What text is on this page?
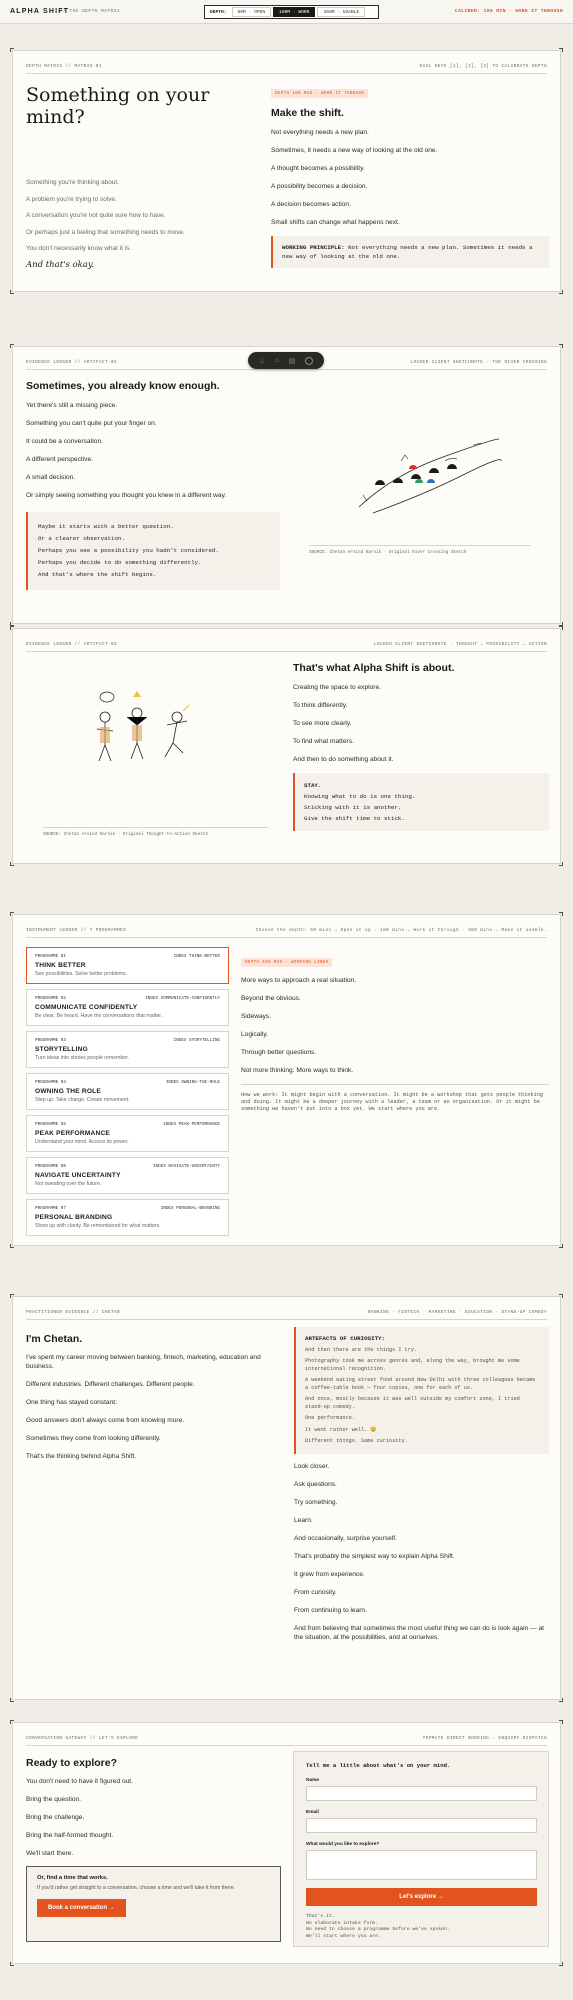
ALPHA SHIFT
// THE DEPTH MATRIX	DEPTH:	60M · OPEN	180M · WORK	360M · USABLE	CALIBER: 180 MIN · WORK IT THROUGH
DEPTH MATRIX // MATRIX-01	DIAL KEYS [1], [2], [3] TO CALIBRATE DEPTH
Something on your mind?
Something you're thinking about.
A problem you're trying to solve.
A conversation you're not quite sure how to have.
Or perhaps just a feeling that something needs to move.
You don't necessarily know what it is.
And that's okay.
DEPTH 180 MIN · WORK IT THROUGH
Make the shift.
Not everything needs a new plan.
Sometimes, it needs a new way of looking at the old one.
A thought becomes a possibility.
A possibility becomes a decision.
A decision becomes action.
Small shifts can change what happens next.
WORKING PRINCIPLE: Not everything needs a new plan. Sometimes it needs a new way of looking at the old one.
EVIDENCE LEDGER // ARTIFACT-01	LOCKED CLIENT SKETCHNOTE · THE RIVER CROSSING
Sometimes, you already know enough.
Yet there's still a missing piece.
Something you can't quite put your finger on.
It could be a conversation.
A different perspective.
A small decision.
Or simply seeing something you thought you knew in a different way.
Maybe it starts with a better question.
Or a clearer observation.
Perhaps you see a possibility you hadn't considered.
Perhaps you decide to do something differently.
And that's where the shift begins.
SOURCE: Chetan Arvind Karnik · Original River Crossing Sketch
EVIDENCE LEDGER // ARTIFACT-02	LOCKED CLIENT SKETCHNOTE · THOUGHT → POSSIBILITY → ACTION
SOURCE: Chetan Arvind Karnik · Original Thought-to-Action Sketch
That's what Alpha Shift is about.
Creating the space to explore.
To think differently.
To see more clearly.
To find what matters.
And then to do something about it.
STAY.
Knowing what to do is one thing.
Sticking with it is another.
Give the shift time to stick.
♨ ⌂ ▤
INSTRUMENT LEDGER // 7 PROGRAMMES	Choose the depth: 60 mins → Open it up · 180 mins → Work it through · 360 mins → Make it usable.
PROGRAMME 01	INDEX THINK-BETTER
THINK BETTER
See possibilities. Solve better problems.
PROGRAMME 02	INDEX COMMUNICATE-CONFIDENTLY
COMMUNICATE CONFIDENTLY
Be clear. Be heard. Have the conversations that matter.
PROGRAMME 03	INDEX STORYTELLING
STORYTELLING
Turn ideas into stories people remember.
PROGRAMME 04	INDEX OWNING-THE-ROLE
OWNING THE ROLE
Step up. Take charge. Create movement.
PROGRAMME 05	INDEX PEAK-PERFORMANCE
PEAK PERFORMANCE
Understand your mind. Access its power.
PROGRAMME 06	INDEX NAVIGATE-UNCERTAINTY
NAVIGATE UNCERTAINTY
Not sweating over the future.
PROGRAMME 07	INDEX PERSONAL-BRANDING
PERSONAL BRANDING
Show up with clarity. Be remembered for what matters.
DEPTH 180 MIN · WORKING LINES
More ways to approach a real situation.
Beyond the obvious.
Sideways.
Logically.
Through better questions.
Not more thinking. More ways to think.
How we work: It might begin with a conversation. It might be a workshop that gets people thinking and doing. It might be a deeper journey with a leader, a team or an organisation. Or it might be something we haven't put into a box yet. We start where you are.
PRACTITIONER EVIDENCE // CHETAN	BANKING · FINTECH · MARKETING · EDUCATION · STAND-UP COMEDY
I'm Chetan.
I've spent my career moving between banking, fintech, marketing, education and business.
Different industries. Different challenges. Different people.
One thing has stayed constant:
Good answers don't always come from knowing more.
Sometimes they come from looking differently.
That's the thinking behind Alpha Shift.
ARTEFACTS OF CURIOSITY:
And then there are the things I try.
Photography took me across genres and, along the way, brought me some international recognition.
A weekend eating street food around New Delhi with three colleagues became a coffee-table book — four copies, one for each of us.
And once, mostly because it was well outside my comfort zone, I tried stand-up comedy.
One performance.
It went rather well. 😉
Different things. Same curiosity.
Look closer.
Ask questions.
Try something.
Learn.
And occasionally, surprise yourself.
That's probably the simplest way to explain Alpha Shift.
It grew from experience.
From curiosity.
From continuing to learn.
And from believing that sometimes the most useful thing we can do is look again — at the situation, at the possibilities, and at ourselves.
CONVERSATION GATEWAY // LET'S EXPLORE	TOPMATE DIRECT BOOKING · ENQUIRY DISPATCH
Ready to explore?
You don't need to have it figured out.
Bring the question.
Bring the challenge.
Bring the half-formed thought.
We'll start there.
Or, find a time that works.
If you'd rather get straight to a conversation, choose a time and we'll take it from there.
Book a conversation →
Tell me a little about what's on your mind.
Name
Email
What would you like to explore?
Let's explore →
That's it.
No elaborate intake form.
No need to choose a programme before we've spoken.
We'll start where you are.
